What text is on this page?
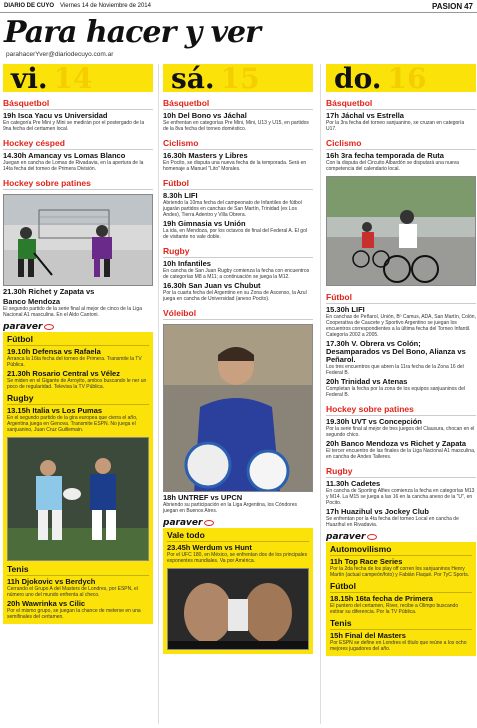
DIARIO DE CUYO Viernes 14 de Noviembre de 2014	PASION 47
Para hacer y ver
parahacerYver@diariodecuyo.com.ar
vi. 14
Básquetbol
19h Isca Yacu vs Universidad
En categoría Pre Mini y Mini se medirán por el postergado de la 9na fecha del certamen local.
Hockey césped
14.30h Amancay vs Lomas Blanco
Juegan en cancha de Lomas de Rivadavia, en la apertura de la 14ta fecha del torneo de Primera División.
Hockey sobre patines
21.30h Richet y Zapata vs
Banco Mendoza
El segundo partido de la serie final al mejor de cinco de la Liga Nacional A1 masculina. En el Aldo Cantoni.
paraver
Fútbol
19.10h Defensa vs Rafaela
Arranca la 16ta fecha del torneo de Primera. Transmite la TV Pública.
21.30h Rosario Central vs Vélez
Se miden en el Gigante de Arroyito, ambos buscando le ner un poco de regularidad. Televisa la TV Pública.
Rugby
13.15h Italia vs Los Pumas
En el segundo partido de la gira europea que cierra el año, Argentina juega en Genova. Transmite ESPN. No juega el sanjuanino, Juan Cruz Guillemain.
Tenis
11h Djokovic vs Berdych
Cerrando el Grupo A del Masters de Londres, por ESPN, el número uno del mundo enfrenta al checo.
20h Wawrinka vs Cilic
Por el mismo grupo, se juegan la chance de meterse en una semifinales del certamen.
sá. 15
Básquetbol
10h Del Bono vs Jáchal
Se enfrentan en categorías Pre Mini, Mini, U13 y U15, en partidos de la 8va fecha del torneo doméstico.
Ciclismo
16.30h Masters y Libres
En Pocito, se disputa una nueva fecha de la temporada. Será en homenaje a Manuel "Lito" Morales.
Fútbol
8.30h LIFI
Abriendo la 10ma fecha del campeonato de Infantiles de fútbol jugarán partidos en canchas de San Martín, Trinidad (ex Los Andes), Tierra Adentro y Villa Obrera.
19h Gimnasia vs Unión
La ida, en Mendoza, por los octavos de final del Federal A. El gol de visitante no vale doble.
Rugby
10h Infantiles
En cancha de San Juan Rugby comienza la fecha con encuentros de categorías M8 a M11; a continuación se juega la M12.
16.30h San Juan vs Chubut
Por la cuarta fecha del Argentino en su Zona de Ascenso, la Azul juega en cancha de Universidad (anexo Pocito).
Vóleibol
18h UNTREF vs UPCN
Abriendo su participación en la Liga Argentina, los Cóndores juegan en Buenos Aires.
paraver
Vale todo
23.45h Werdum vs Hunt
Por el UFC 180, en México, se enfrentan dos de los principales exponentes mundiales. Va por América.
do. 16
Básquetbol
17h Jáchal vs Estrella
Por la 3ra fecha del torneo sanjuanino, se cruzan en categoría U17.
Ciclismo
16h 3ra fecha temporada de Ruta
Con la disputa del Circuito Albardón se disputará una nueva competencia del calendario local.
Fútbol
15.30h LIFI
En canchas de Peñarol, Unión, Bº Camus, ADA, San Martín, Colón, Cooperativa de Caucete y Sportivo Argentino se juegan los encuentros correspondientes a la última fecha del Torneo Infantil. Categoría 2002 a 2005.
17.30h V. Obrera vs Colón; Desamparados vs Del Bono, Alianza vs Peñarol.
Los tres encuentros que abren la 11ra fecha de la Zona 16 del Federal B.
20h Trinidad vs Atenas
Completan la fecha por la zona de los equipos sanjuaninos del Federal B.
Hockey sobre patines
19.30h UVT vs Concepción
Por la serie final al mejor de tres juegos del Clausura, chocan en el segundo chico.
20h Banco Mendoza vs Richet y Zapata
El tercer encuentro de las finales de la Liga Nacional A1 masculina, en cancha de Andes Talleres.
Rugby
11.30h Cadetes
En cancha de Sporting Alfies comienza la fecha en categorías M13 y M14. La M15 se juega a las 16 en la cancha anexo de la "U", en Pocito.
17h Huazihul vs Jockey Club
Se enfrentan por la 4ta fecha del torneo Local en cancha de Huazihul en Rivadavia.
paraver
Automovilismo
11h Top Race Series
Por la 2da fecha de los play off corren los sanjuaninos Henry Martín (actual campeón/foto) y Fabián Flaqué. Por TyC Sports.
Fútbol
18.15h 16ta fecha de Primera
El puntero del certamen, River, recibe a Olimpo buscando estirar su diferencia. Por la TV Pública.
Tenis
15h Final del Masters
Por ESPN se define en Londres el título que reúne a los ocho mejores jugadores del año.
